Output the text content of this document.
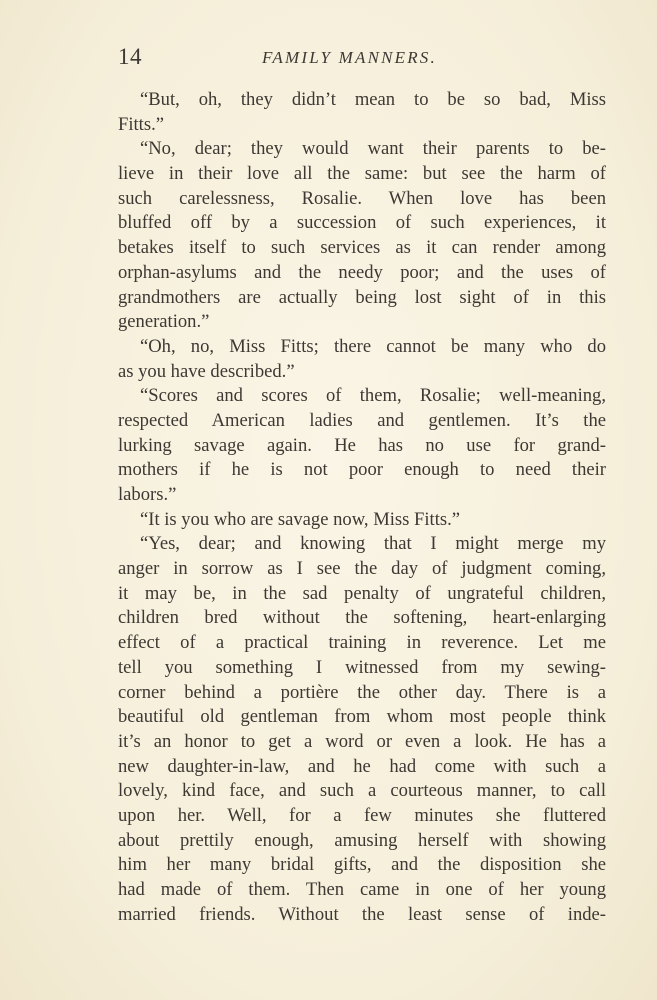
14	FAMILY MANNERS.
“But, oh, they didn’t mean to be so bad, Miss
Fitts.”
“No, dear; they would want their parents to be-
lieve in their love all the same: but see the harm of
such carelessness, Rosalie. When love has been
bluffed off by a succession of such experiences, it
betakes itself to such services as it can render among
orphan-asylums and the needy poor; and the uses of
grandmothers are actually being lost sight of in this
generation.”
“Oh, no, Miss Fitts; there cannot be many who do
as you have described.”
“Scores and scores of them, Rosalie; well-meaning,
respected American ladies and gentlemen. It’s the
lurking savage again. He has no use for grand-
mothers if he is not poor enough to need their
labors.”
“It is you who are savage now, Miss Fitts.”
“Yes, dear; and knowing that I might merge my
anger in sorrow as I see the day of judgment coming,
it may be, in the sad penalty of ungrateful children,
children bred without the softening, heart-enlarging
effect of a practical training in reverence. Let me
tell you something I witnessed from my sewing-
corner behind a portière the other day. There is a
beautiful old gentleman from whom most people think
it’s an honor to get a word or even a look. He has a
new daughter-in-law, and he had come with such a
lovely, kind face, and such a courteous manner, to call
upon her. Well, for a few minutes she fluttered
about prettily enough, amusing herself with showing
him her many bridal gifts, and the disposition she
had made of them. Then came in one of her young
married friends. Without the least sense of inde-
